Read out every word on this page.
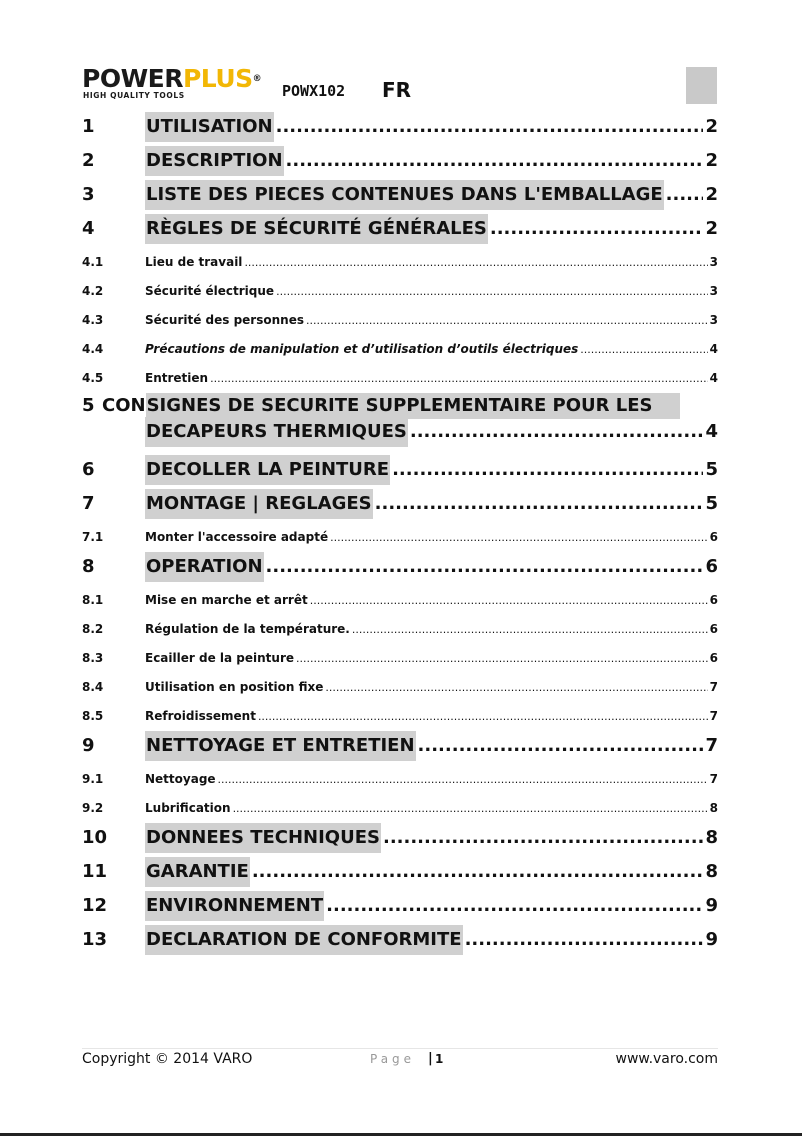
POWERPLUS®
HIGH QUALITY TOOLS	POWX102 FR
1	UTILISATION .....	2
2	DESCRIPTION .....	2
3	LISTE DES PIECES CONTENUES DANS L'EMBALLAGE ..... 2
4	RÈGLES DE SÉCURITÉ GÉNÉRALES .....	2
4.1	Lieu de travail .....	3
4.2	Sécurité électrique .....	3
4.3	Sécurité des personnes .....	3
4.4	Précautions de manipulation et d’utilisation d’outils électriques .....	4
4.5	Entretien .....	4
5 CONSIGNES DE SECURITE SUPPLEMENTAIRE POUR LES
DECAPEURS THERMIQUES .....	4
6	DECOLLER LA PEINTURE .....	5
7	MONTAGE | REGLAGES .....	5
7.1	Monter l'accessoire adapté .....	6
8	OPERATION .....	6
8.1	Mise en marche et arrêt .....	6
8.2	Régulation de la température. .....	6
8.3	Ecailler de la peinture .....	6
8.4	Utilisation en position fixe .....	7
8.5	Refroidissement .....	7
9	NETTOYAGE ET ENTRETIEN .....	7
9.1	Nettoyage .....	7
9.2	Lubrification .....	8
10	DONNEES TECHNIQUES .....	8
11	GARANTIE .....	8
12	ENVIRONNEMENT .....	9
13	DECLARATION DE CONFORMITE .....	9
Copyright © 2014 VARO	Page | 1	www.varo.com
